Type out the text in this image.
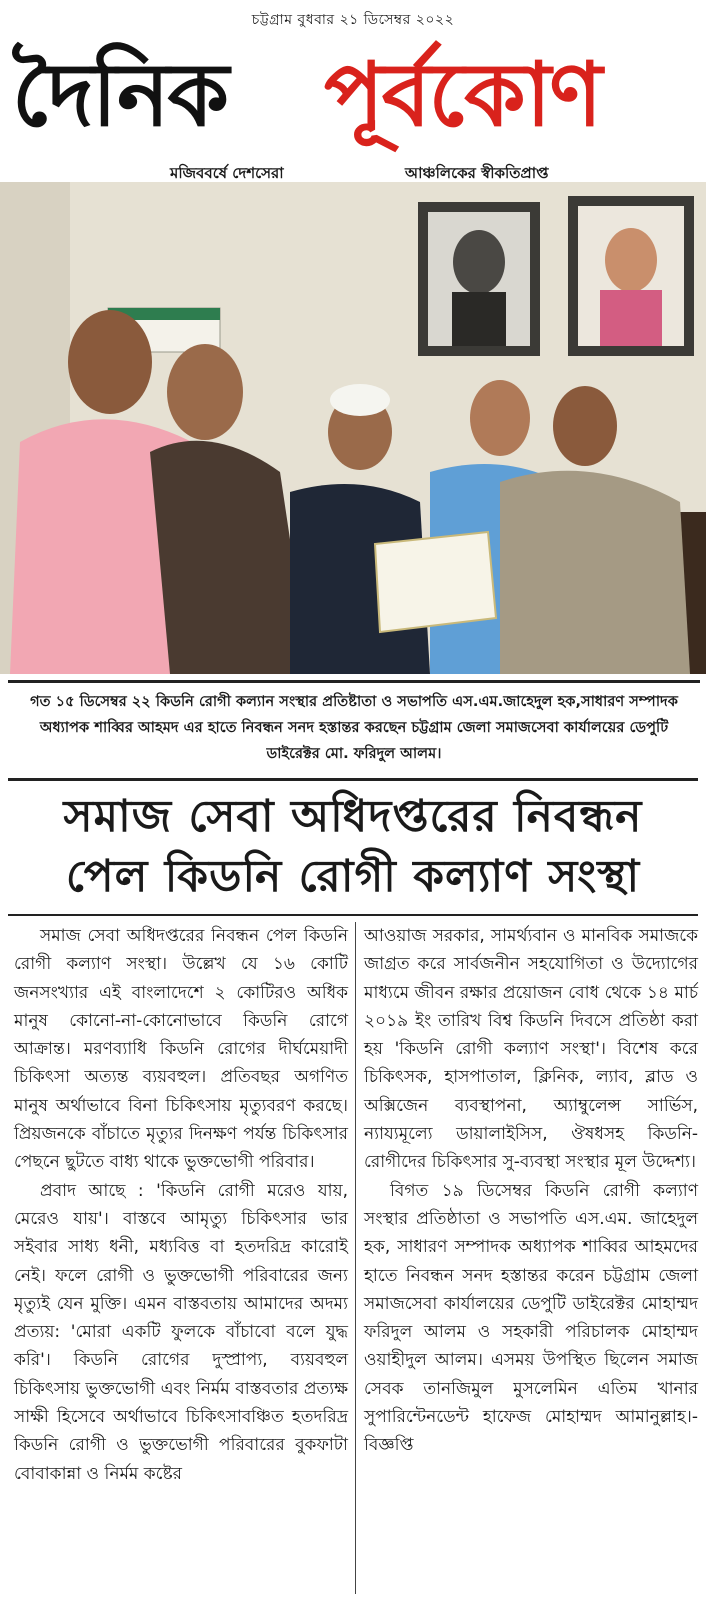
চট্টগ্রাম বুধবার ২১ ডিসেম্বর ২০২২
দৈনিক পূর্বকোণ
মজিববর্ষে দেশসেরা	আঞ্চলিকের স্বীকতিপ্রাপ্ত
গত ১৫ ডিসেম্বর ২২ কিডনি রোগী কল্যান সংস্থার প্রতিষ্টাতা ও সভাপতি এস.এম.জাহেদুল হক,সাধারণ সম্পাদক অধ্যাপক শাব্বির আহমদ এর হাতে নিবন্ধন সনদ হস্তান্তর করছেন চট্টগ্রাম জেলা সমাজসেবা কার্যালয়ের ডেপুটি ডাইরেক্টর মো. ফরিদুল আলম।
সমাজ সেবা অধিদপ্তরের নিবন্ধন
পেল কিডনি রোগী কল্যাণ সংস্থা

সমাজ সেবা অধিদপ্তরের নিবন্ধন পেল কিডনি রোগী কল্যাণ সংস্থা। উল্লেখ যে ১৬ কোটি জনসংখ্যার এই বাংলাদেশে ২ কোটিরও অধিক মানুষ কোনো-না-কোনোভাবে কিডনি রোগে আক্রান্ত। মরণব্যাধি কিডনি রোগের দীর্ঘমেয়াদী চিকিৎসা অত্যন্ত ব্যয়বহুল। প্রতিবছর অগণিত মানুষ অর্থাভাবে বিনা চিকিৎসায় মৃত্যুবরণ করছে। প্রিয়জনকে বাঁচাতে মৃত্যুর দিনক্ষণ পর্যন্ত চিকিৎসার পেছনে ছুটতে বাধ্য থাকে ভুক্তভোগী পরিবার।

প্রবাদ আছে : 'কিডনি রোগী মরেও যায়, মেরেও যায়'। বাস্তবে আমৃত্যু চিকিৎসার ভার সইবার সাধ্য ধনী, মধ্যবিত্ত বা হতদরিদ্র কারোই নেই। ফলে রোগী ও ভুক্তভোগী পরিবারের জন্য মৃত্যুই যেন মুক্তি। এমন বাস্তবতায় আমাদের অদম্য প্রত্যয়: 'মোরা একটি ফুলকে বাঁচাবো বলে যুদ্ধ করি'। কিডনি রোগের দুস্প্রাপ্য, ব্যয়বহুল চিকিৎসায় ভুক্তভোগী এবং নির্মম বাস্তবতার প্রত্যক্ষ সাক্ষী হিসেবে অর্থাভাবে চিকিৎসাবঞ্চিত হতদরিদ্র কিডনি রোগী ও ভুক্তভোগী পরিবারের বুকফাটা বোবাকান্না ও নির্মম কষ্টের

আওয়াজ সরকার, সামর্থ্যবান ও মানবিক সমাজকে জাগ্রত করে সার্বজনীন সহযোগিতা ও উদ্যোগের মাধ্যমে জীবন রক্ষার প্রয়োজন বোধ থেকে ১৪ মার্চ ২০১৯ ইং তারিখ বিশ্ব কিডনি দিবসে প্রতিষ্ঠা করা হয় 'কিডনি রোগী কল্যাণ সংস্থা'। বিশেষ করে চিকিৎসক, হাসপাতাল, ক্লিনিক, ল্যাব, ব্লাড ও অক্সিজেন ব্যবস্থাপনা, অ্যাম্বুলেন্স সার্ভিস, ন্যায্যমূল্যে ডায়ালাইসিস, ঔষধসহ কিডনি-রোগীদের চিকিৎসার সু-ব্যবস্থা সংস্থার মূল উদ্দেশ্য।

বিগত ১৯ ডিসেম্বর কিডনি রোগী কল্যাণ সংস্থার প্রতিষ্ঠাতা ও সভাপতি এস.এম. জাহেদুল হক, সাধারণ সম্পাদক অধ্যাপক শাব্বির আহমদের হাতে নিবন্ধন সনদ হস্তান্তর করেন চট্টগ্রাম জেলা সমাজসেবা কার্যালয়ের ডেপুটি ডাইরেক্টর মোহাম্মদ ফরিদুল আলম ও সহকারী পরিচালক মোহাম্মদ ওয়াহীদুল আলম। এসময় উপস্থিত ছিলেন সমাজ সেবক তানজিমুল মুসলেমিন এতিম খানার সুপারিন্টেনডেন্ট হাফেজ মোহাম্মদ আমানুল্লাহ।-বিজ্ঞপ্তি
